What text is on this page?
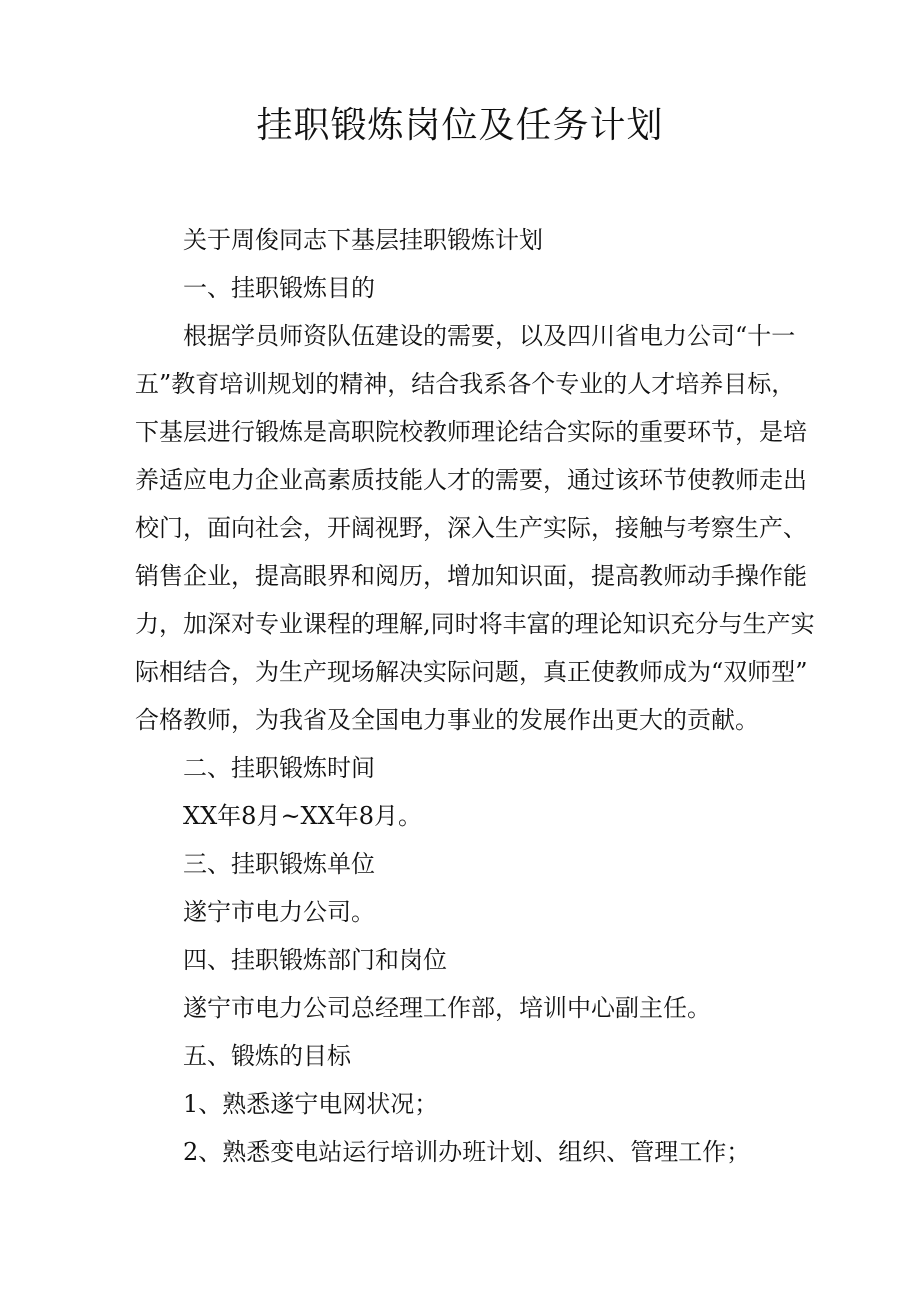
挂职锻炼岗位及任务计划

关于周俊同志下基层挂职锻炼计划

一、挂职锻炼目的

根据学员师资队伍建设的需要，以及四川省电力公司“十一
五”教育培训规划的精神，结合我系各个专业的人才培养目标，
下基层进行锻炼是高职院校教师理论结合实际的重要环节，是培
养适应电力企业高素质技能人才的需要，通过该环节使教师走出
校门，面向社会，开阔视野，深入生产实际，接触与考察生产、
销售企业，提高眼界和阅历，增加知识面，提高教师动手操作能
力，加深对专业课程的理解,同时将丰富的理论知识充分与生产实
际相结合，为生产现场解决实际问题，真正使教师成为“双师型”
合格教师，为我省及全国电力事业的发展作出更大的贡献。

二、挂职锻炼时间

XX年8月~XX年8月。

三、挂职锻炼单位

遂宁市电力公司。

四、挂职锻炼部门和岗位

遂宁市电力公司总经理工作部，培训中心副主任。

五、锻炼的目标

1、熟悉遂宁电网状况；

2、熟悉变电站运行培训办班计划、组织、管理工作；
